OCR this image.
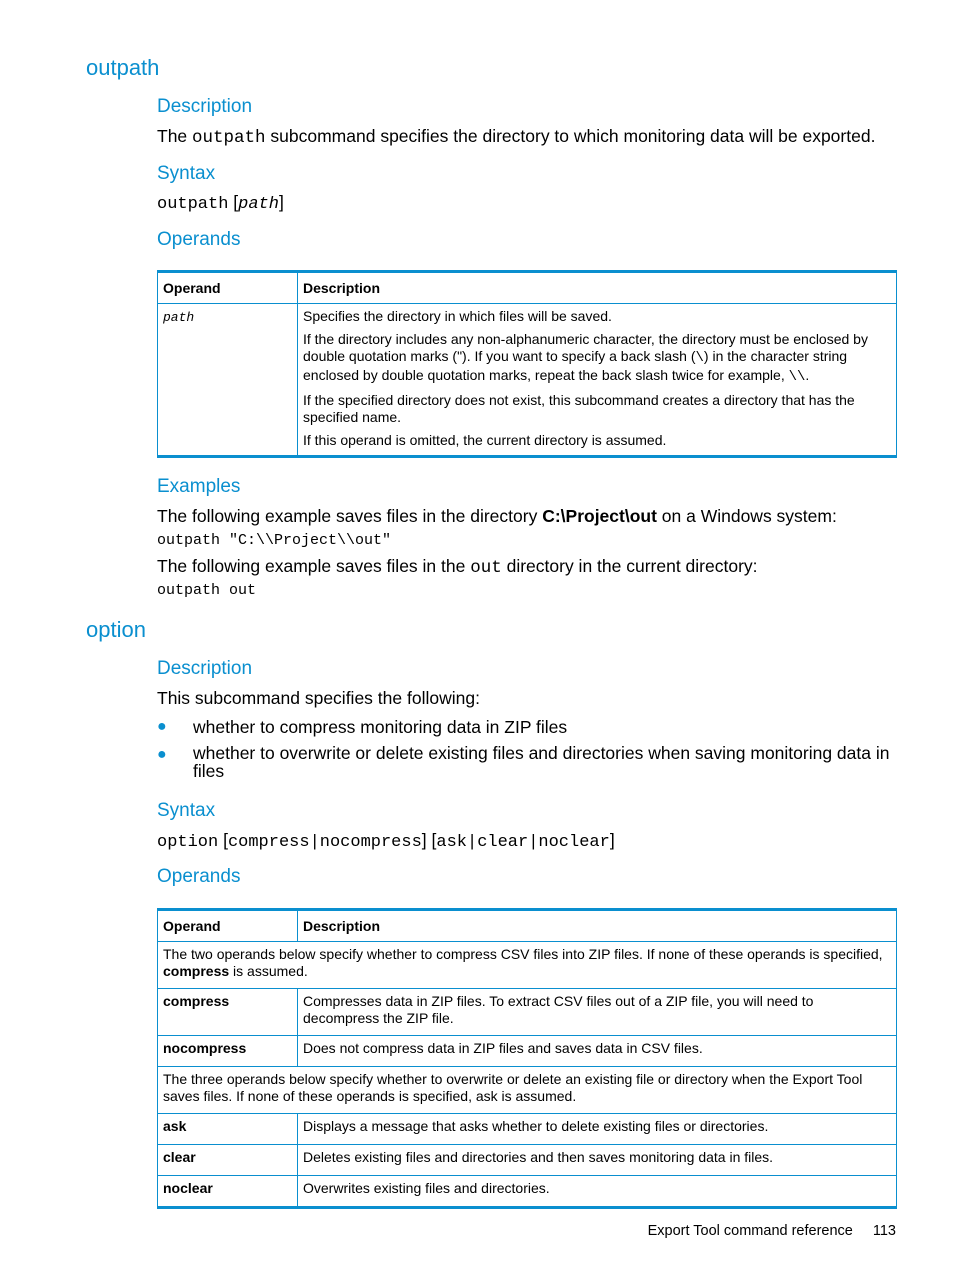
outpath
Description
The outpath subcommand specifies the directory to which monitoring data will be exported.
Syntax
outpath [path]
Operands
Operand	Description
path	Specifies the directory in which files will be saved.

If the directory includes any non-alphanumeric character, the directory must be enclosed by double quotation marks ("). If you want to specify a back slash (\) in the character string enclosed by double quotation marks, repeat the back slash twice for example, \\.

If the specified directory does not exist, this subcommand creates a directory that has the specified name.

If this operand is omitted, the current directory is assumed.

Examples
The following example saves files in the directory C:\Project\out on a Windows system:
outpath "C:\\Project\\out"
The following example saves files in the out directory in the current directory:
outpath out
option
Description
This subcommand specifies the following:
● whether to compress monitoring data in ZIP files
● whether to overwrite or delete existing files and directories when saving monitoring data in files
Syntax
option [compress|nocompress] [ask|clear|noclear]
Operands
Operand	Description
The two operands below specify whether to compress CSV files into ZIP files. If none of these operands is specified, compress is assumed.	
compress	Compresses data in ZIP files. To extract CSV files out of a ZIP file, you will need to decompress the ZIP file.
nocompress	Does not compress data in ZIP files and saves data in CSV files.
The three operands below specify whether to overwrite or delete an existing file or directory when the Export Tool saves files. If none of these operands is specified, ask is assumed.	
ask	Displays a message that asks whether to delete existing files or directories.
clear	Deletes existing files and directories and then saves monitoring data in files.
noclear	Overwrites existing files and directories.
Export Tool command reference 113
